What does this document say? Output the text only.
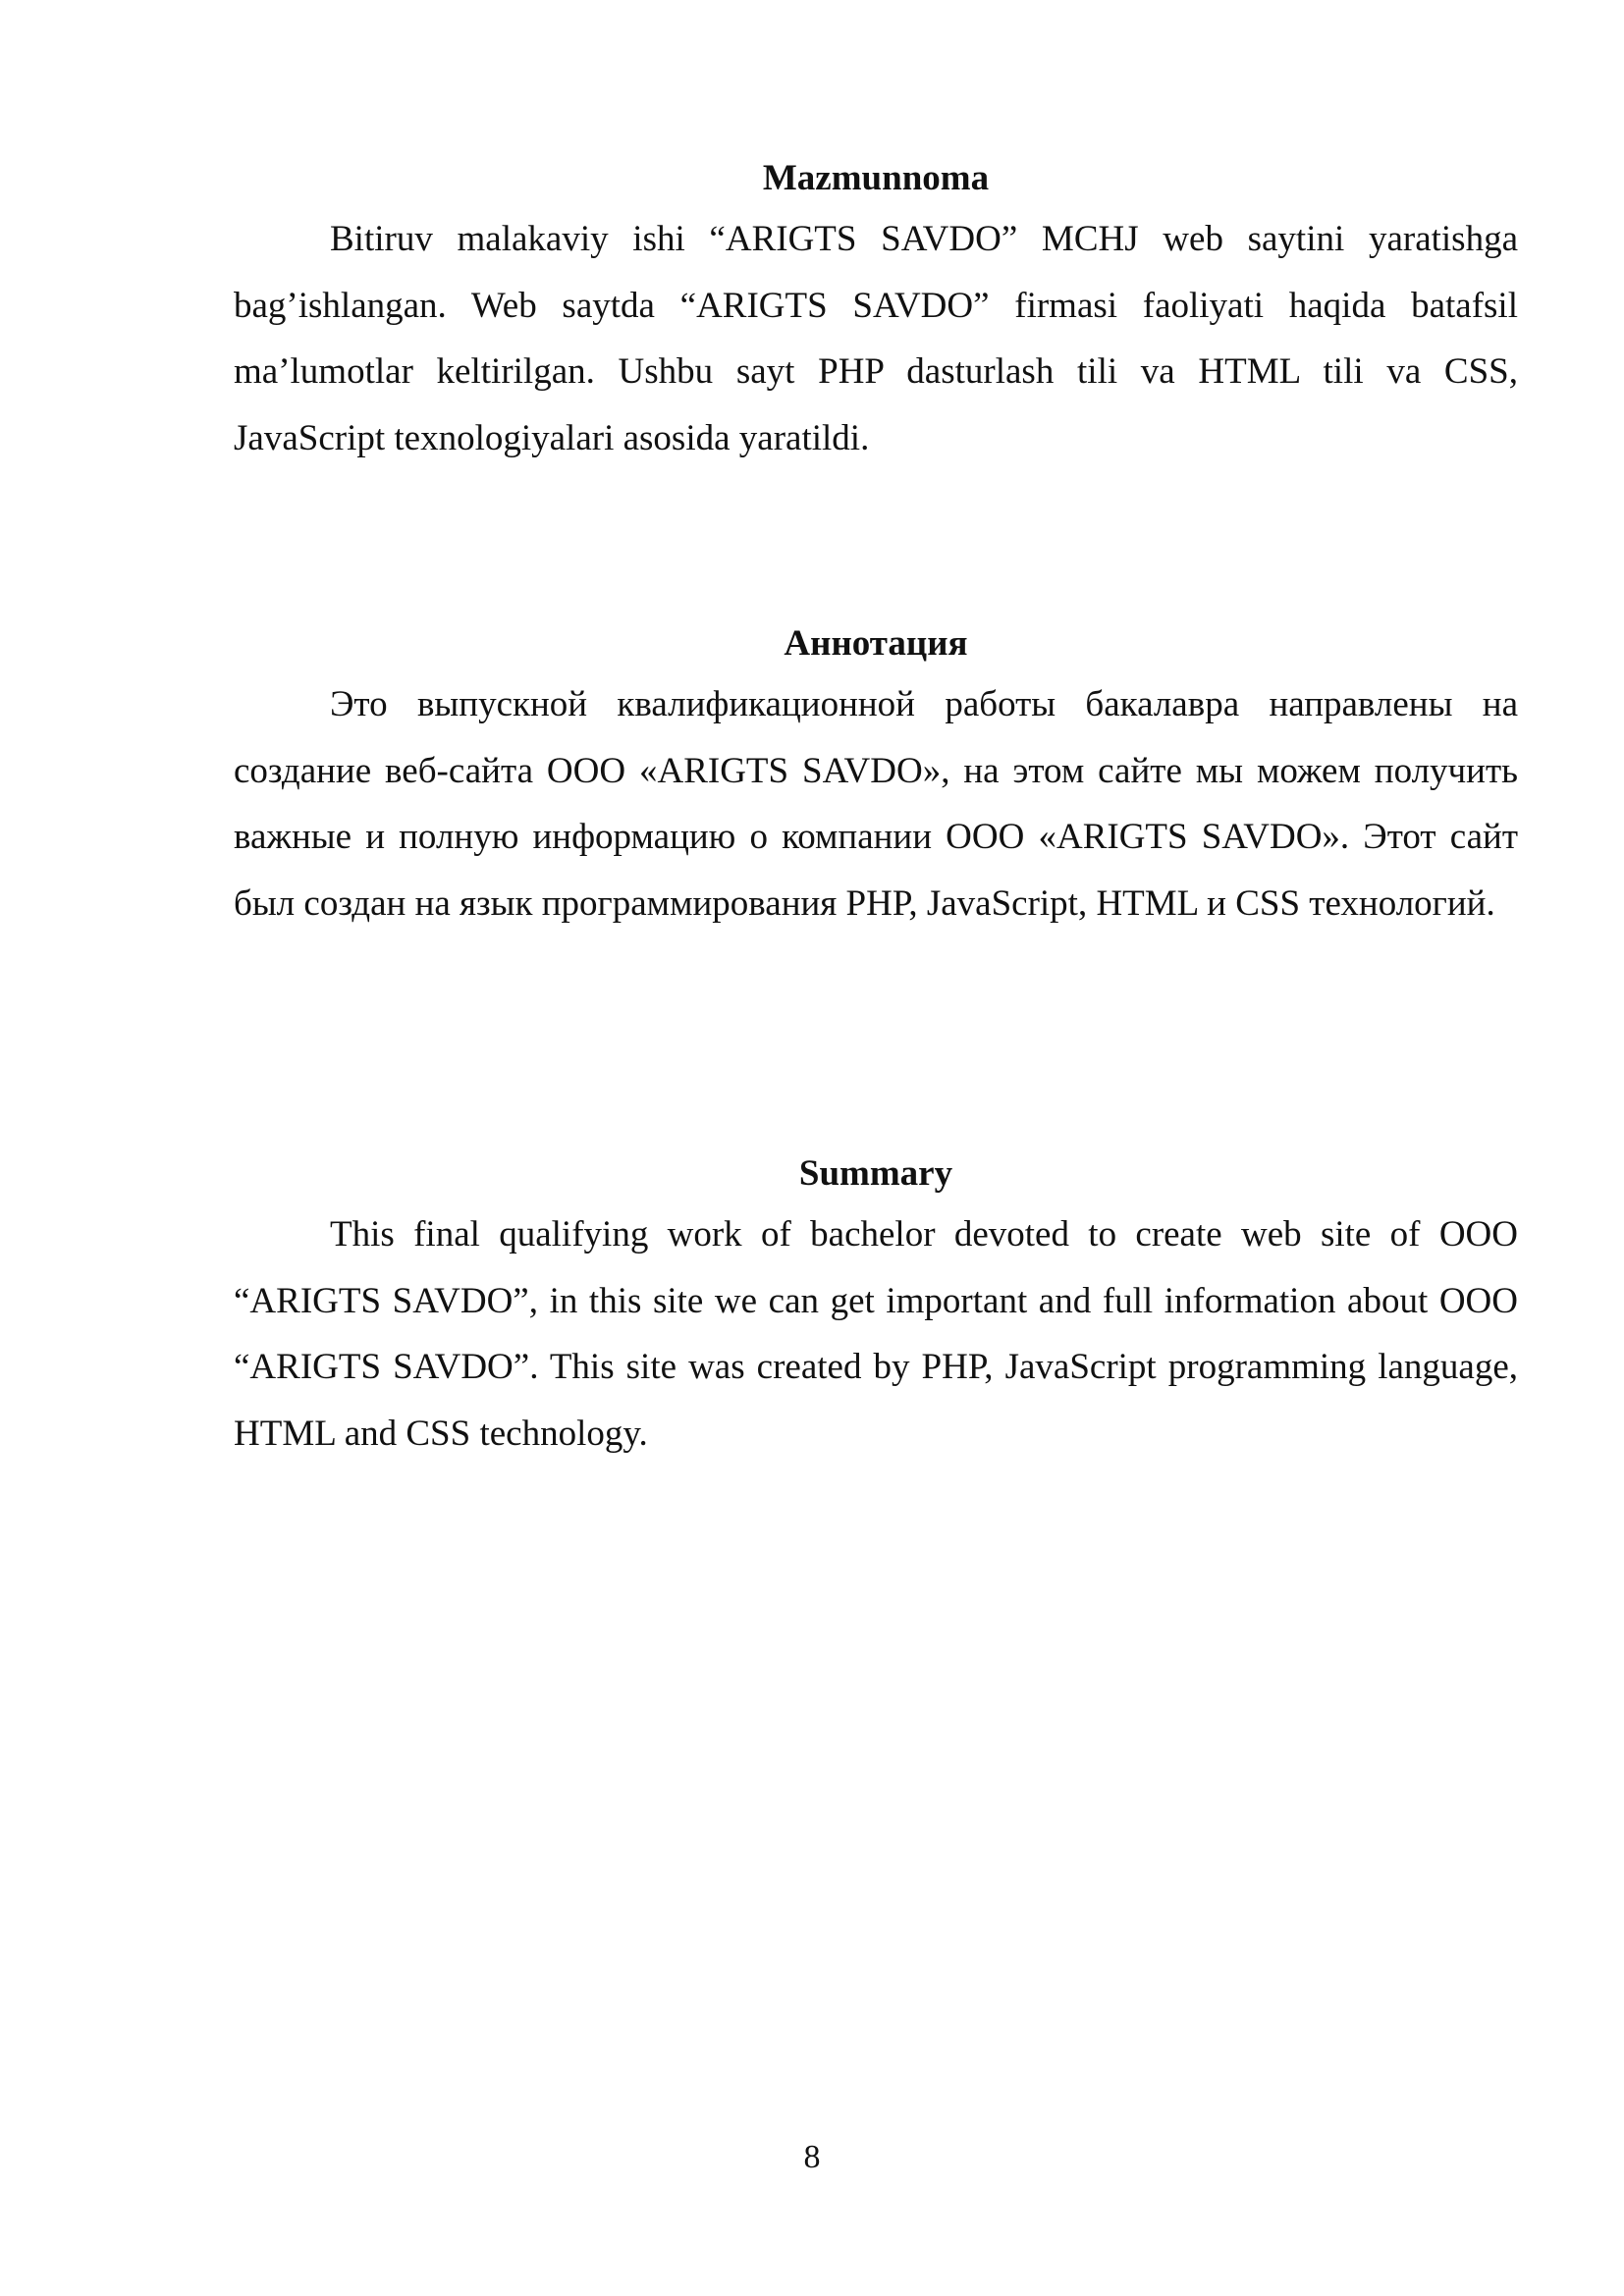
Mazmunnoma

Bitiruv malakaviy ishi “ARIGTS SAVDO” MCHJ web saytini yaratishga bag’ishlangan. Web saytda “ARIGTS SAVDO” firmasi faoliyati haqida batafsil ma’lumotlar keltirilgan. Ushbu sayt PHP dasturlash tili va HTML tili va CSS, JavaScript texnologiyalari asosida yaratildi.

Аннотация

Это выпускной квалификационной работы бакалавра направлены на создание веб-сайта ООО «ARIGTS SAVDO», на этом сайте мы можем получить важные и полную информацию о компании ООО «ARIGTS SAVDO». Этот сайт был создан на язык программирования PHP, JavaScript, HTML и CSS технологий.

Summary

This final qualifying work of bachelor devoted to create web site of OOO “ARIGTS SAVDO”, in this site we can get important and full information about OOO “ARIGTS SAVDO”. This site was created by PHP, JavaScript programming language, HTML and CSS technology.

8
